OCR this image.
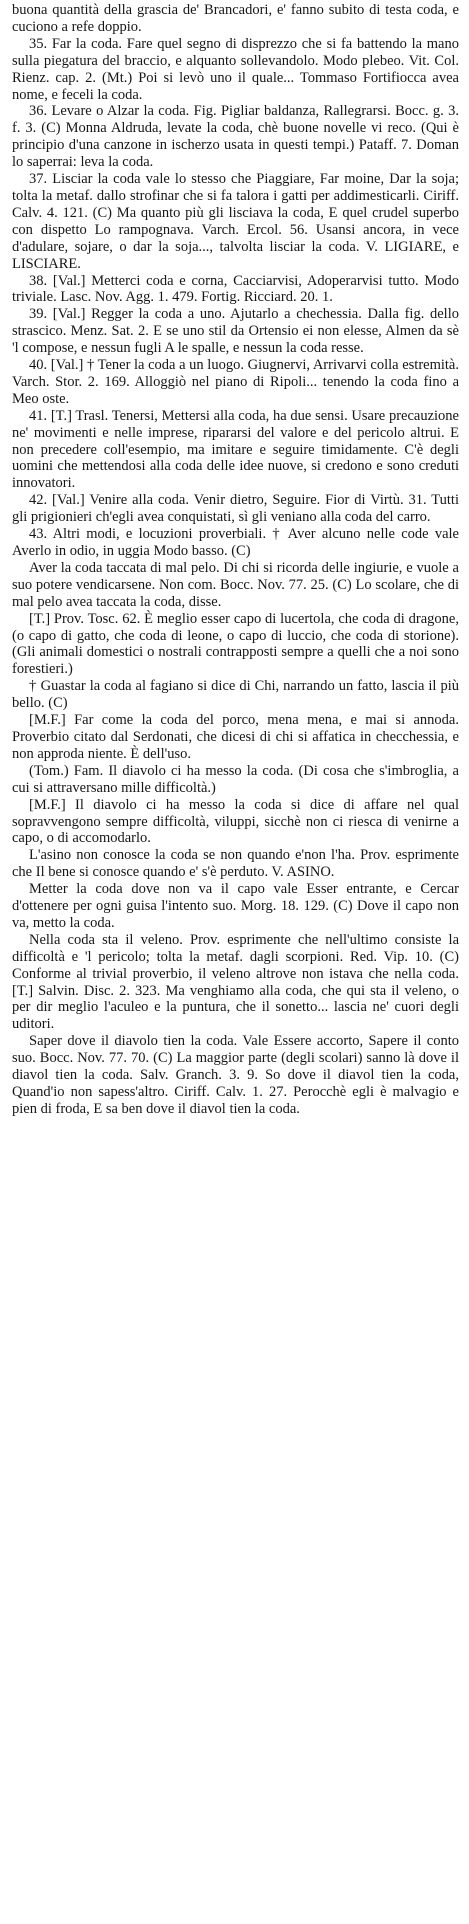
buona quantità della grascia de' Brancadori, e' fanno subito di testa coda, e cuciono a refe doppio.

35. Far la coda. Fare quel segno di disprezzo che si fa battendo la mano sulla piegatura del braccio, e alquanto sollevandolo. Modo plebeo. Vit. Col. Rienz. cap. 2. (Mt.) Poi si levò uno il quale... Tommaso Fortifiocca avea nome, e feceli la coda.

36. Levare o Alzar la coda. Fig. Pigliar baldanza, Rallegrarsi. Bocc. g. 3. f. 3. (C) Monna Aldruda, levate la coda, chè buone novelle vi reco. (Qui è principio d'una canzone in ischerzo usata in questi tempi.) Pataff. 7. Doman lo saperrai: leva la coda.

37. Lisciar la coda vale lo stesso che Piaggiare, Far moine, Dar la soja; tolta la metaf. dallo strofinar che si fa talora i gatti per addimesticarli. Ciriff. Calv. 4. 121. (C) Ma quanto più gli lisciava la coda, E quel crudel superbo con dispetto Lo rampognava. Varch. Ercol. 56. Usansi ancora, in vece d'adulare, sojare, o dar la soja..., talvolta lisciar la coda. V. LIGIARE, e LISCIARE.

38. [Val.] Metterci coda e corna, Cacciarvisi, Adoperarvisi tutto. Modo triviale. Lasc. Nov. Agg. 1. 479. Fortig. Ricciard. 20. 1.

39. [Val.] Regger la coda a uno. Ajutarlo a chechessia. Dalla fig. dello strascico. Menz. Sat. 2. E se uno stil da Ortensio ei non elesse, Almen da sè 'l compose, e nessun fugli A le spalle, e nessun la coda resse.

40. [Val.] † Tener la coda a un luogo. Giugnervi, Arrivarvi colla estremità. Varch. Stor. 2. 169. Alloggiò nel piano di Ripoli... tenendo la coda fino a Meo oste.

41. [T.] Trasl. Tenersi, Mettersi alla coda, ha due sensi. Usare precauzione ne' movimenti e nelle imprese, ripararsi del valore e del pericolo altrui. E non precedere coll'esempio, ma imitare e seguire timidamente. C'è degli uomini che mettendosi alla coda delle idee nuove, si credono e sono creduti innovatori.

42. [Val.] Venire alla coda. Venir dietro, Seguire. Fior di Virtù. 31. Tutti gli prigionieri ch'egli avea conquistati, sì gli veniano alla coda del carro.

43. Altri modi, e locuzioni proverbiali. † Aver alcuno nelle code vale Averlo in odio, in uggia Modo basso. (C)

Aver la coda taccata di mal pelo. Di chi si ricorda delle ingiurie, e vuole a suo potere vendicarsene. Non com. Bocc. Nov. 77. 25. (C) Lo scolare, che di mal pelo avea taccata la coda, disse.

[T.] Prov. Tosc. 62. È meglio esser capo di lucertola, che coda di dragone, (o capo di gatto, che coda di leone, o capo di luccio, che coda di storione). (Gli animali domestici o nostrali contrapposti sempre a quelli che a noi sono forestieri.)

† Guastar la coda al fagiano si dice di Chi, narrando un fatto, lascia il più bello. (C)

[M.F.] Far come la coda del porco, mena mena, e mai si annoda. Proverbio citato dal Serdonati, che dicesi di chi si affatica in checchessia, e non approda niente. È dell'uso.

(Tom.) Fam. Il diavolo ci ha messo la coda. (Di cosa che s'imbroglia, a cui si attraversano mille difficoltà.)

[M.F.] Il diavolo ci ha messo la coda si dice di affare nel qual sopravvengono sempre difficoltà, viluppi, sicchè non ci riesca di venirne a capo, o di accomodarlo.

L'asino non conosce la coda se non quando e'non l'ha. Prov. esprimente che Il bene si conosce quando e' s'è perduto. V. ASINO.

Metter la coda dove non va il capo vale Esser entrante, e Cercar d'ottenere per ogni guisa l'intento suo. Morg. 18. 129. (C) Dove il capo non va, metto la coda.

Nella coda sta il veleno. Prov. esprimente che nell'ultimo consiste la difficoltà e 'l pericolo; tolta la metaf. dagli scorpioni. Red. Vip. 10. (C) Conforme al trivial proverbio, il veleno altrove non istava che nella coda. [T.] Salvin. Disc. 2. 323. Ma venghiamo alla coda, che qui sta il veleno, o per dir meglio l'aculeo e la puntura, che il sonetto... lascia ne' cuori degli uditori.

Saper dove il diavolo tien la coda. Vale Essere accorto, Sapere il conto suo. Bocc. Nov. 77. 70. (C) La maggior parte (degli scolari) sanno là dove il diavol tien la coda. Salv. Granch. 3. 9. So dove il diavol tien la coda, Quand'io non sapess'altro. Ciriff. Calv. 1. 27. Perocchè egli è malvagio e pien di froda, E sa ben dove il diavol tien la coda.
